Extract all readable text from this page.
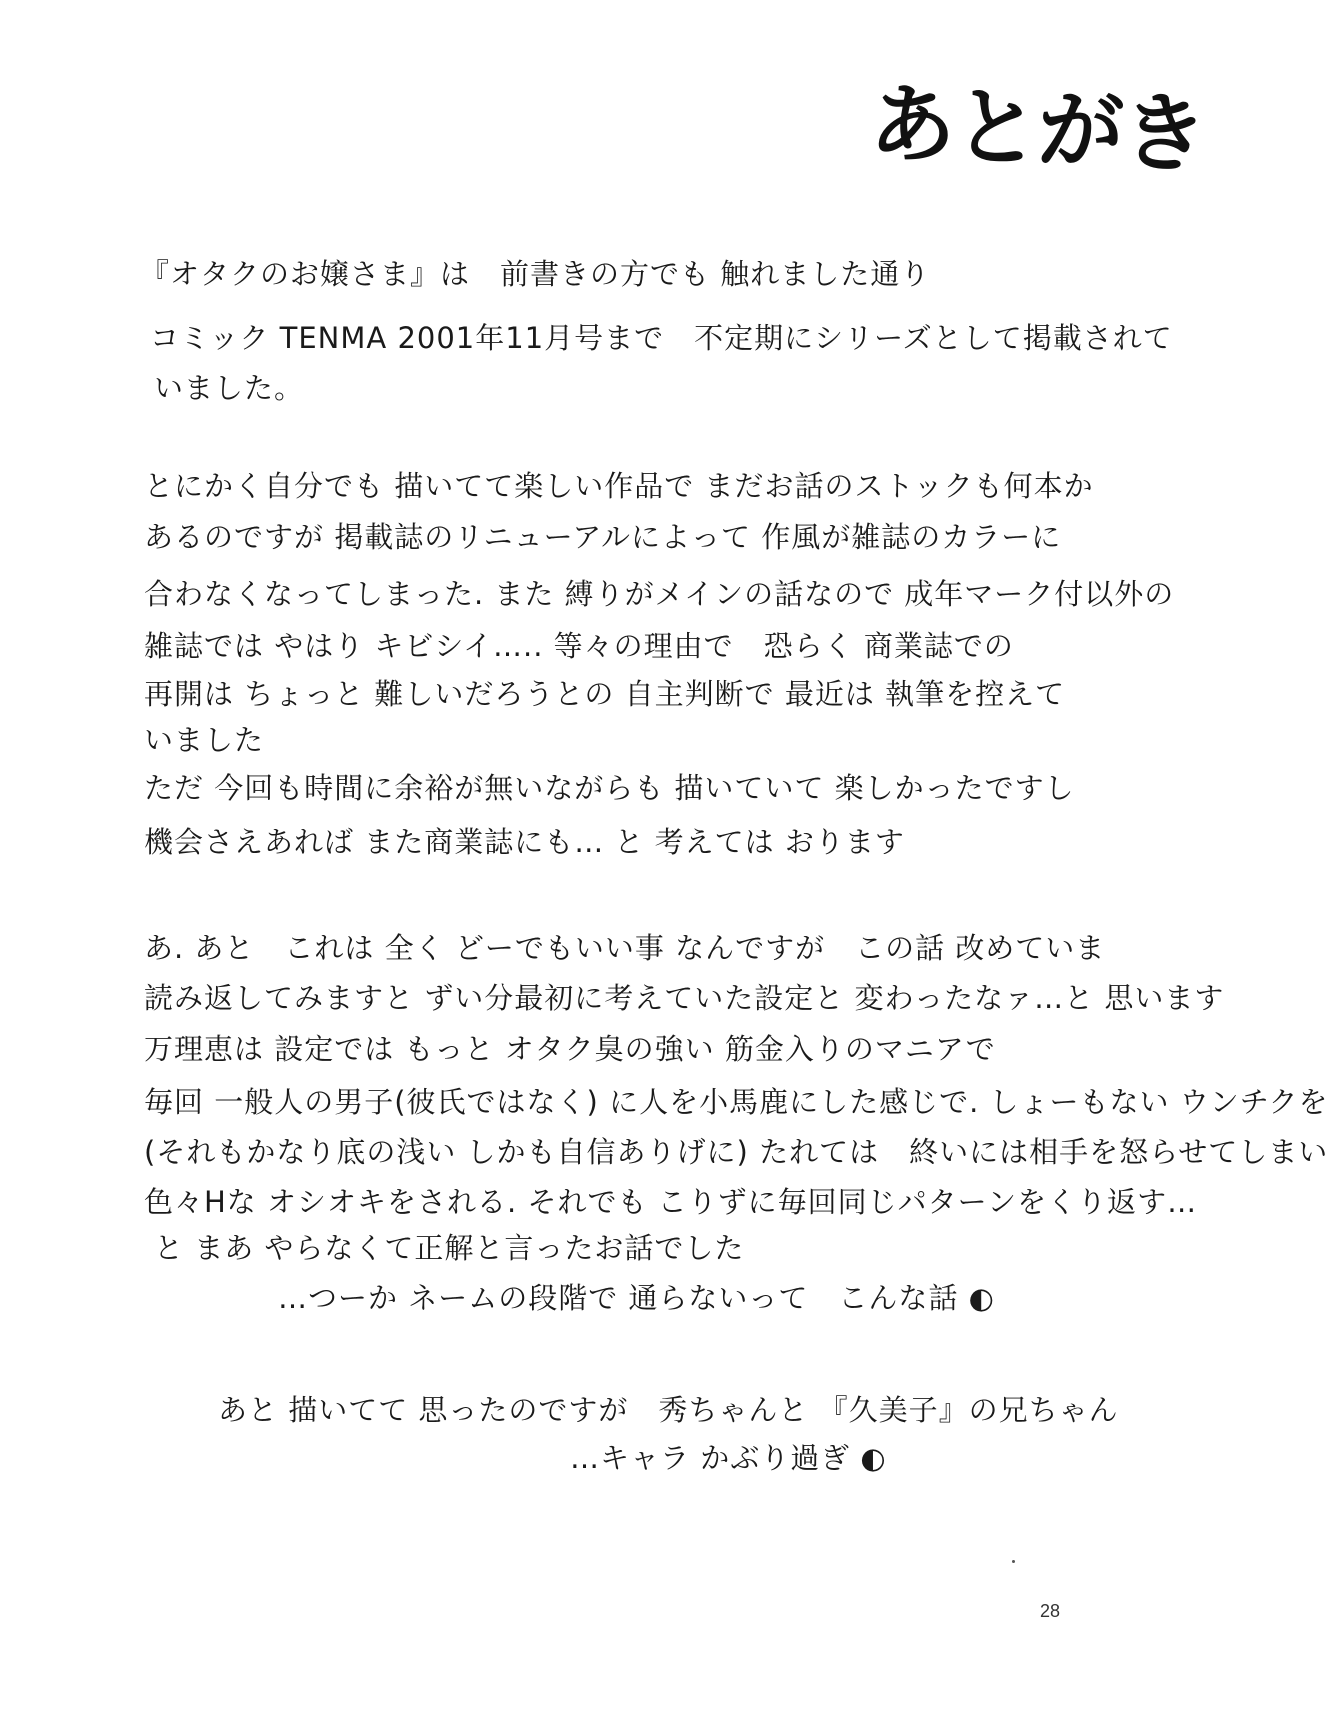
あとがき
『オタクのお嬢さま』は　前書きの方でも 触れました通り
コミック TENMA 2001年11月号まで　不定期にシリーズとして掲載されて
いました。
とにかく自分でも 描いてて楽しい作品で まだお話のストックも何本か
あるのですが 掲載誌のリニューアルによって 作風が雑誌のカラーに
合わなくなってしまった. また 縛りがメインの話なので 成年マーク付以外の
雑誌では やはり キビシイ….. 等々の理由で　恐らく 商業誌での
再開は ちょっと 難しいだろうとの 自主判断で 最近は 執筆を控えて
いました
ただ 今回も時間に余裕が無いながらも 描いていて 楽しかったですし
機会さえあれば また商業誌にも… と 考えては おります
あ. あと　これは 全く どーでもいい事 なんですが　この話 改めていま
読み返してみますと ずい分最初に考えていた設定と 変わったなァ…と 思います
万理恵は 設定では もっと オタク臭の強い 筋金入りのマニアで
毎回 一般人の男子(彼氏ではなく) に人を小馬鹿にした感じで. しょーもない ウンチクを
(それもかなり底の浅い しかも自信ありげに) たれては　終いには相手を怒らせてしまい
色々Hな オシオキをされる. それでも こりずに毎回同じパターンをくり返す…
と まあ やらなくて正解と言ったお話でした
…つーか ネームの段階で 通らないって　こんな話 ◐
あと 描いてて 思ったのですが　秀ちゃんと 『久美子』の兄ちゃん
…キャラ かぶり過ぎ ◐
28
